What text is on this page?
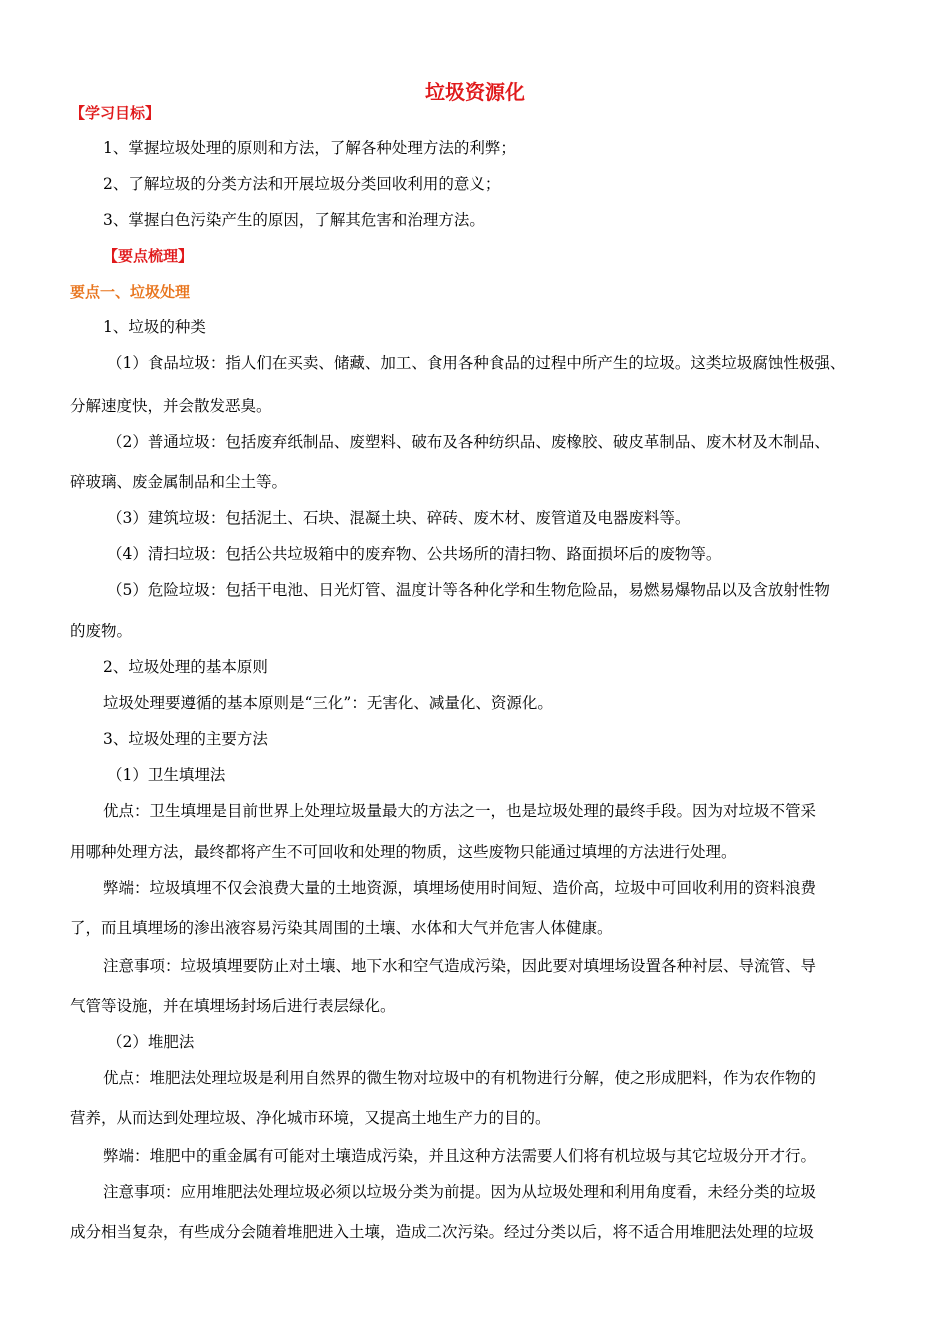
垃圾资源化
【学习目标】
1、掌握垃圾处理的原则和方法，了解各种处理方法的利弊；
2、了解垃圾的分类方法和开展垃圾分类回收利用的意义；
3、掌握白色污染产生的原因，了解其危害和治理方法。
【要点梳理】
要点一、垃圾处理
1、垃圾的种类
（1）食品垃圾：指人们在买卖、储藏、加工、食用各种食品的过程中所产生的垃圾。这类垃圾腐蚀性极强、
分解速度快，并会散发恶臭。
（2）普通垃圾：包括废弃纸制品、废塑料、破布及各种纺织品、废橡胶、破皮革制品、废木材及木制品、
碎玻璃、废金属制品和尘土等。
（3）建筑垃圾：包括泥土、石块、混凝土块、碎砖、废木材、废管道及电器废料等。
（4）清扫垃圾：包括公共垃圾箱中的废弃物、公共场所的清扫物、路面损坏后的废物等。
（5）危险垃圾：包括干电池、日光灯管、温度计等各种化学和生物危险品，易燃易爆物品以及含放射性物
的废物。
2、垃圾处理的基本原则
垃圾处理要遵循的基本原则是“三化”：无害化、减量化、资源化。
3、垃圾处理的主要方法
（1）卫生填埋法
优点：卫生填埋是目前世界上处理垃圾量最大的方法之一，也是垃圾处理的最终手段。因为对垃圾不管采
用哪种处理方法，最终都将产生不可回收和处理的物质，这些废物只能通过填埋的方法进行处理。
弊端：垃圾填埋不仅会浪费大量的土地资源，填埋场使用时间短、造价高，垃圾中可回收利用的资料浪费
了，而且填埋场的渗出液容易污染其周围的土壤、水体和大气并危害人体健康。
注意事项：垃圾填埋要防止对土壤、地下水和空气造成污染，因此要对填埋场设置各种衬层、导流管、导
气管等设施，并在填埋场封场后进行表层绿化。
（2）堆肥法
优点：堆肥法处理垃圾是利用自然界的微生物对垃圾中的有机物进行分解，使之形成肥料，作为农作物的
营养，从而达到处理垃圾、净化城市环境，又提高土地生产力的目的。
弊端：堆肥中的重金属有可能对土壤造成污染，并且这种方法需要人们将有机垃圾与其它垃圾分开才行。
注意事项：应用堆肥法处理垃圾必须以垃圾分类为前提。因为从垃圾处理和利用角度看，未经分类的垃圾
成分相当复杂，有些成分会随着堆肥进入土壤，造成二次污染。经过分类以后，将不适合用堆肥法处理的垃圾
